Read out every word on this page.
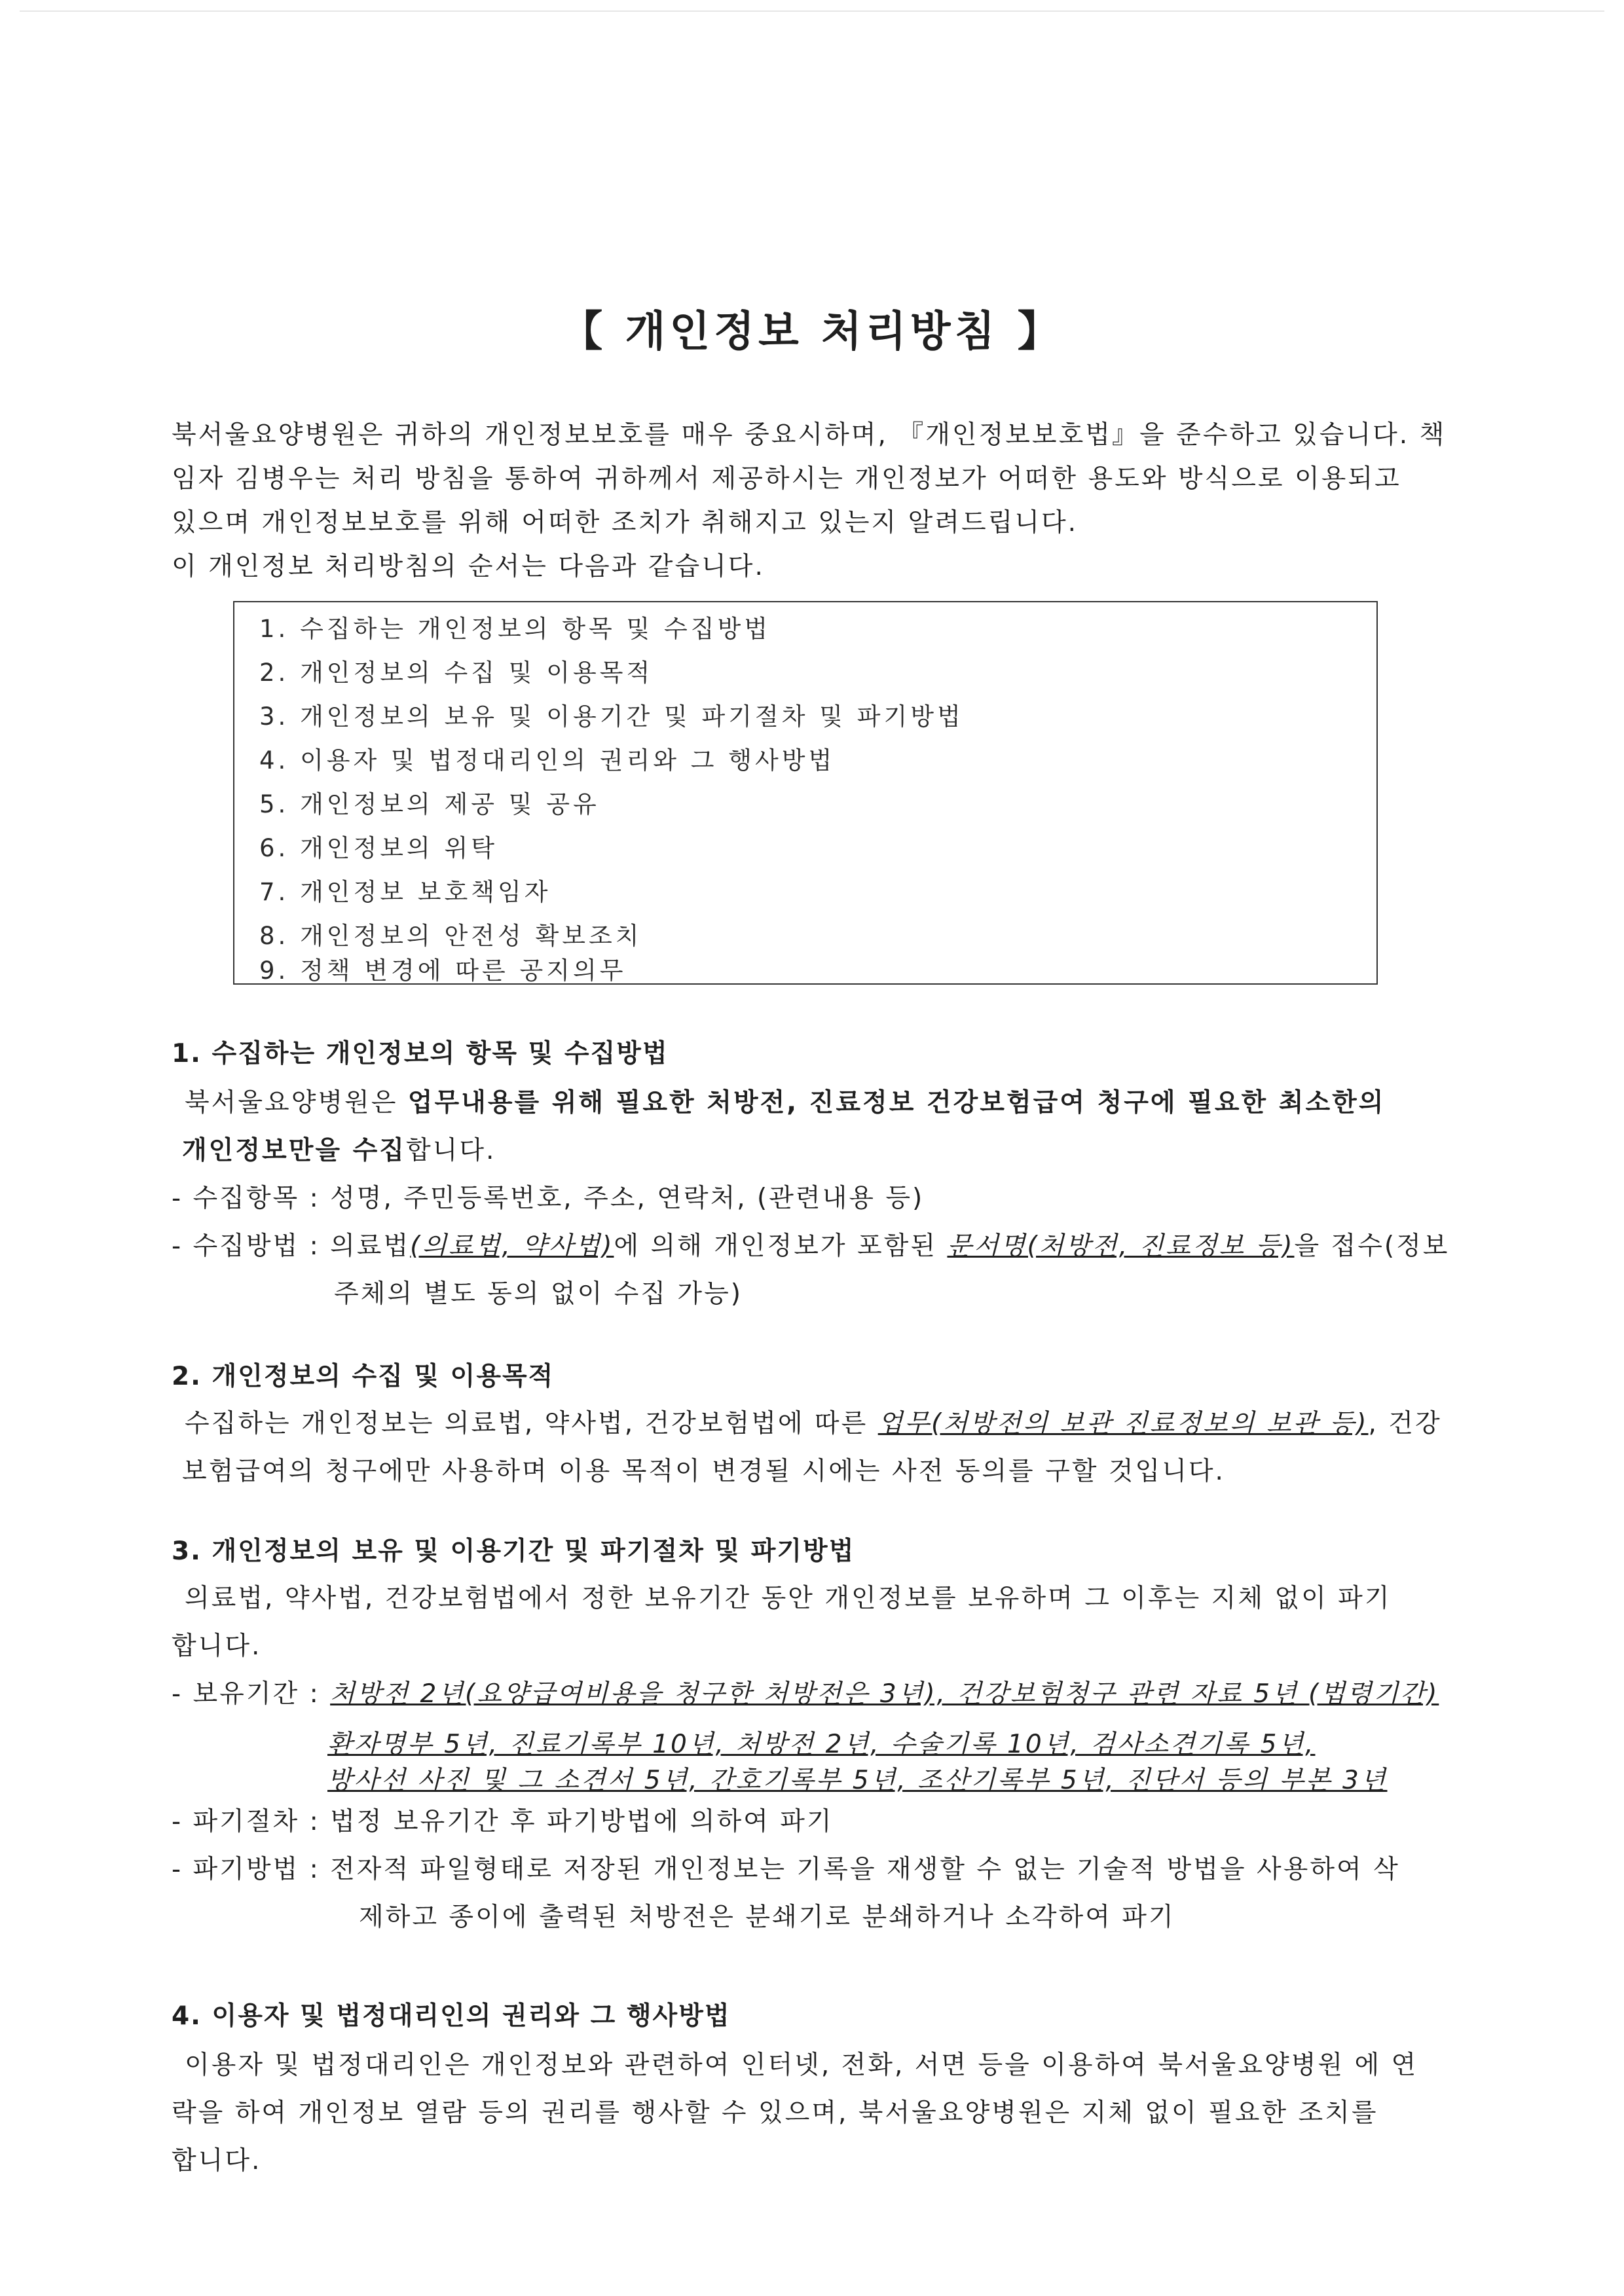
【 개인정보 처리방침 】
북서울요양병원은 귀하의 개인정보보호를 매우 중요시하며, 『개인정보보호법』을 준수하고 있습니다. 책
임자 김병우는 처리 방침을 통하여 귀하께서 제공하시는 개인정보가 어떠한 용도와 방식으로 이용되고
있으며 개인정보보호를 위해 어떠한 조치가 취해지고 있는지 알려드립니다.
이 개인정보 처리방침의 순서는 다음과 같습니다.
1. 수집하는 개인정보의 항목 및 수집방법
2. 개인정보의 수집 및 이용목적
3. 개인정보의 보유 및 이용기간 및 파기절차 및 파기방법
4. 이용자 및 법정대리인의 권리와 그 행사방법
5. 개인정보의 제공 및 공유
6. 개인정보의 위탁
7. 개인정보 보호책임자
8. 개인정보의 안전성 확보조치
9. 정책 변경에 따른 공지의무
1. 수집하는 개인정보의 항목 및 수집방법
북서울요양병원은 업무내용를 위해 필요한 처방전, 진료정보 건강보험급여 청구에 필요한 최소한의
개인정보만을 수집합니다.
- 수집항목 : 성명, 주민등록번호, 주소, 연락처, (관련내용 등)
- 수집방법 : 의료법(의료법, 약사법)에 의해 개인정보가 포함된 문서명(처방전, 진료정보 등)을 접수(정보
주체의 별도 동의 없이 수집 가능)
2. 개인정보의 수집 및 이용목적
수집하는 개인정보는 의료법, 약사법, 건강보험법에 따른 업무(처방전의 보관 진료정보의 보관 등), 건강
보험급여의 청구에만 사용하며 이용 목적이 변경될 시에는 사전 동의를 구할 것입니다.
3. 개인정보의 보유 및 이용기간 및 파기절차 및 파기방법
의료법, 약사법, 건강보험법에서 정한 보유기간 동안 개인정보를 보유하며 그 이후는 지체 없이 파기
합니다.
- 보유기간 : 처방전 2년(요양급여비용을 청구한 처방전은 3년), 건강보험청구 관련 자료 5년 (법령기간)
환자명부 5년, 진료기록부 10년, 처방전 2년, 수술기록 10년, 검사소견기록 5년,
방사선 사진 및 그 소견서 5년, 간호기록부 5년, 조산기록부 5년, 진단서 등의 부본 3년
- 파기절차 : 법정 보유기간 후 파기방법에 의하여 파기
- 파기방법 : 전자적 파일형태로 저장된 개인정보는 기록을 재생할 수 없는 기술적 방법을 사용하여 삭
제하고 종이에 출력된 처방전은 분쇄기로 분쇄하거나 소각하여 파기
4. 이용자 및 법정대리인의 권리와 그 행사방법
이용자 및 법정대리인은 개인정보와 관련하여 인터넷, 전화, 서면 등을 이용하여 북서울요양병원 에 연
락을 하여 개인정보 열람 등의 권리를 행사할 수 있으며, 북서울요양병원은 지체 없이 필요한 조치를
합니다.
